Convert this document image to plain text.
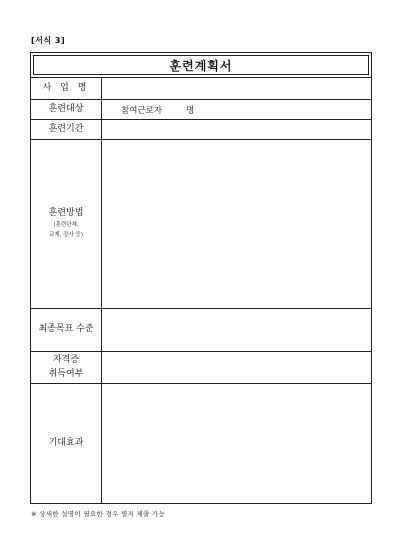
[서식 3]
훈련계획서
사 업 명
훈련대상	참여근로자	명
훈련기간
훈련방법
(훈련단체,
교재, 강사 등)
최종목표 수준
자격증
취득여부
기대효과
※ 상세한 설명이 필요한 경우 별지 제출 가능
